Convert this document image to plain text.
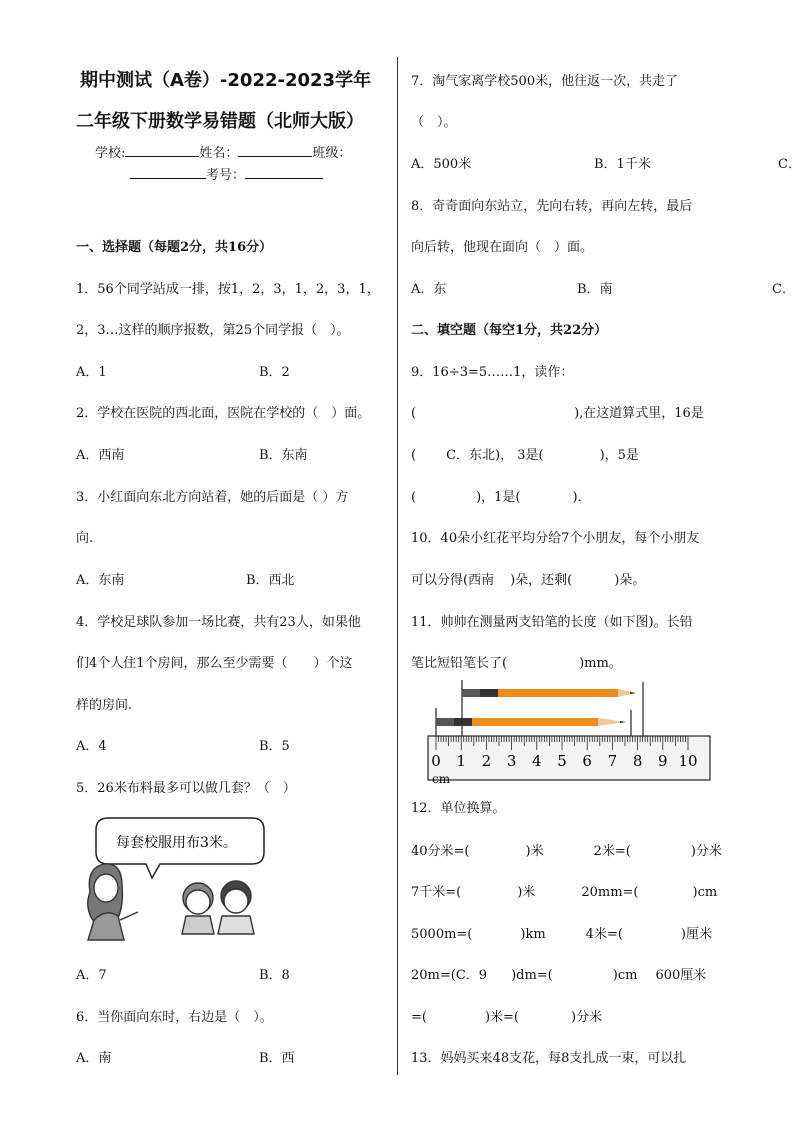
期中测试（A卷）-2022-2023学年
二年级下册数学易错题（北师大版）
学校:	姓名：	班级：
考号：
一、选择题（每题2分，共16分）
1．56个同学站成一排，按1，2，3，1，2，3，1，
2，3…这样的顺序报数，第25个同学报（　）。
A．1	B．2
2．学校在医院的西北面，医院在学校的（　）面。
A．西南	B．东南
3．小红面向东北方向站着，她的后面是（ ）方
向.
A．东南	B．西北
4．学校足球队参加一场比赛，共有23人，如果他
们4个人住1个房间，那么至少需要（　　）个这
样的房间.
A．4	B．5
5．26米布料最多可以做几套？（　）
每套校服用布3米。
A．7	B．8
6．当你面向东时，右边是（　）。
A．南	B．西
7．淘气家离学校500米，他往返一次，共走了
（　）。
A．500米	B．1千米	C．
8．奇奇面向东站立，先向右转，再向左转，最后
向后转，他现在面向（　）面。
A．东	B．南	C．
二、填空题（每空1分，共22分）
9．16÷3=5……1，读作：
(	),在这道算式里，16是
( C．东北)， 3是(	)，5是
(	)，1是(	)．
10．40朵小红花平均分给7个小朋友，每个小朋友
可以分得(西南 )朵，还剩(	)朵。
11．帅帅在测量两支铅笔的长度（如下图)。长铅
笔比短铅笔长了(	)mm。
0 1 2 3 4 5 6 7 8 9 10
cm
12．单位换算。
40分米=(	)米	2米=(	)分米
7千米=(	)米	20mm=(	)cm
5000m=(	)km	4米=(	)厘米
20m=(C．9 )dm=(	)cm 600厘米
=(	)米=(	)分米
13．妈妈买来48支花，每8支扎成一束，可以扎
